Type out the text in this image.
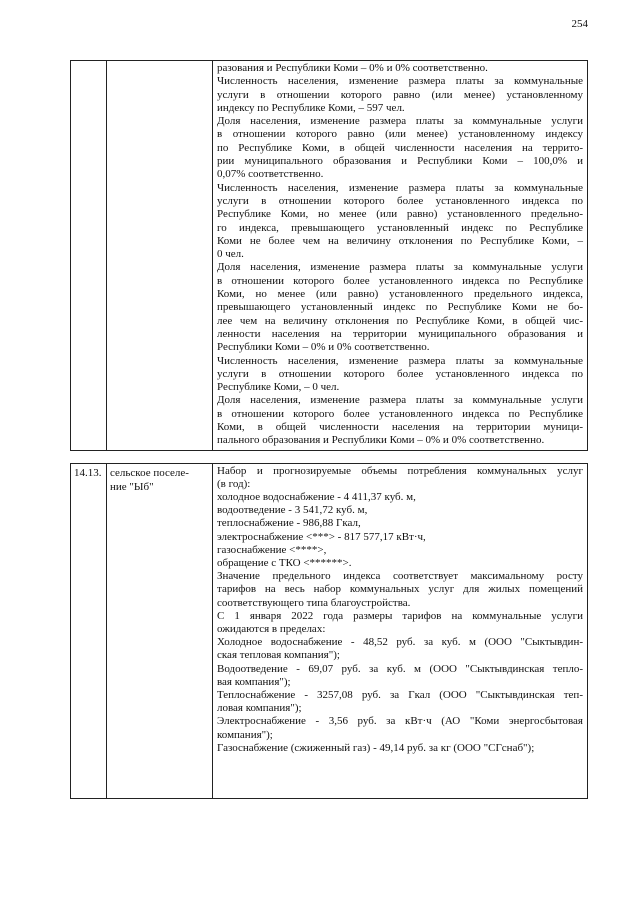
254
разования и Республики Коми – 0% и 0% соответственно.
Численность населения, изменение размера платы за коммунальные
услуги в отношении которого равно (или менее) установленному
индексу по Республике Коми, – 597 чел.
Доля населения, изменение размера платы за коммунальные услуги
в отношении которого равно (или менее) установленному индексу
по Республике Коми, в общей численности населения на террито-
рии муниципального образования и Республики Коми – 100,0% и
0,07% соответственно.
Численность населения, изменение размера платы за коммунальные
услуги в отношении которого более установленного индекса по
Республике Коми, но менее (или равно) установленного предельно-
го индекса, превышающего установленный индекс по Республике
Коми не более чем на величину отклонения по Республике Коми, –
0 чел.
Доля населения, изменение размера платы за коммунальные услуги
в отношении которого более установленного индекса по Республике
Коми, но менее (или равно) установленного предельного индекса,
превышающего установленный индекс по Республике Коми не бо-
лее чем на величину отклонения по Республике Коми, в общей чис-
ленности населения на территории муниципального образования и
Республики Коми – 0% и 0% соответственно.
Численность населения, изменение размера платы за коммунальные
услуги в отношении которого более установленного индекса по
Республике Коми, – 0 чел.
Доля населения, изменение размера платы за коммунальные услуги
в отношении которого более установленного индекса по Республике
Коми, в общей численности населения на территории муници-
пального образования и Республики Коми – 0% и 0% соответственно.
14.13. сельское поселе-
ние "Ыб"
Набор и прогнозируемые объемы потребления коммунальных услуг
(в год):
холодное водоснабжение - 4 411,37 куб. м,
водоотведение - 3 541,72 куб. м,
теплоснабжение - 986,88 Гкал,
электроснабжение <***> - 817 577,17 кВт·ч,
газоснабжение <****>,
обращение с ТКО <******>.
Значение предельного индекса соответствует максимальному росту
тарифов на весь набор коммунальных услуг для жилых помещений
соответствующего типа благоустройства.
С 1 января 2022 года размеры тарифов на коммунальные услуги
ожидаются в пределах:
Холодное водоснабжение - 48,52 руб. за куб. м (ООО "Сыктывдин-
ская тепловая компания");
Водоотведение - 69,07 руб. за куб. м (ООО "Сыктывдинская тепло-
вая компания");
Теплоснабжение - 3257,08 руб. за Гкал (ООО "Сыктывдинская теп-
ловая компания");
Электроснабжение - 3,56 руб. за кВт·ч (АО "Коми энергосбытовая
компания");
Газоснабжение (сжиженный газ) - 49,14 руб. за кг (ООО "СГснаб");
